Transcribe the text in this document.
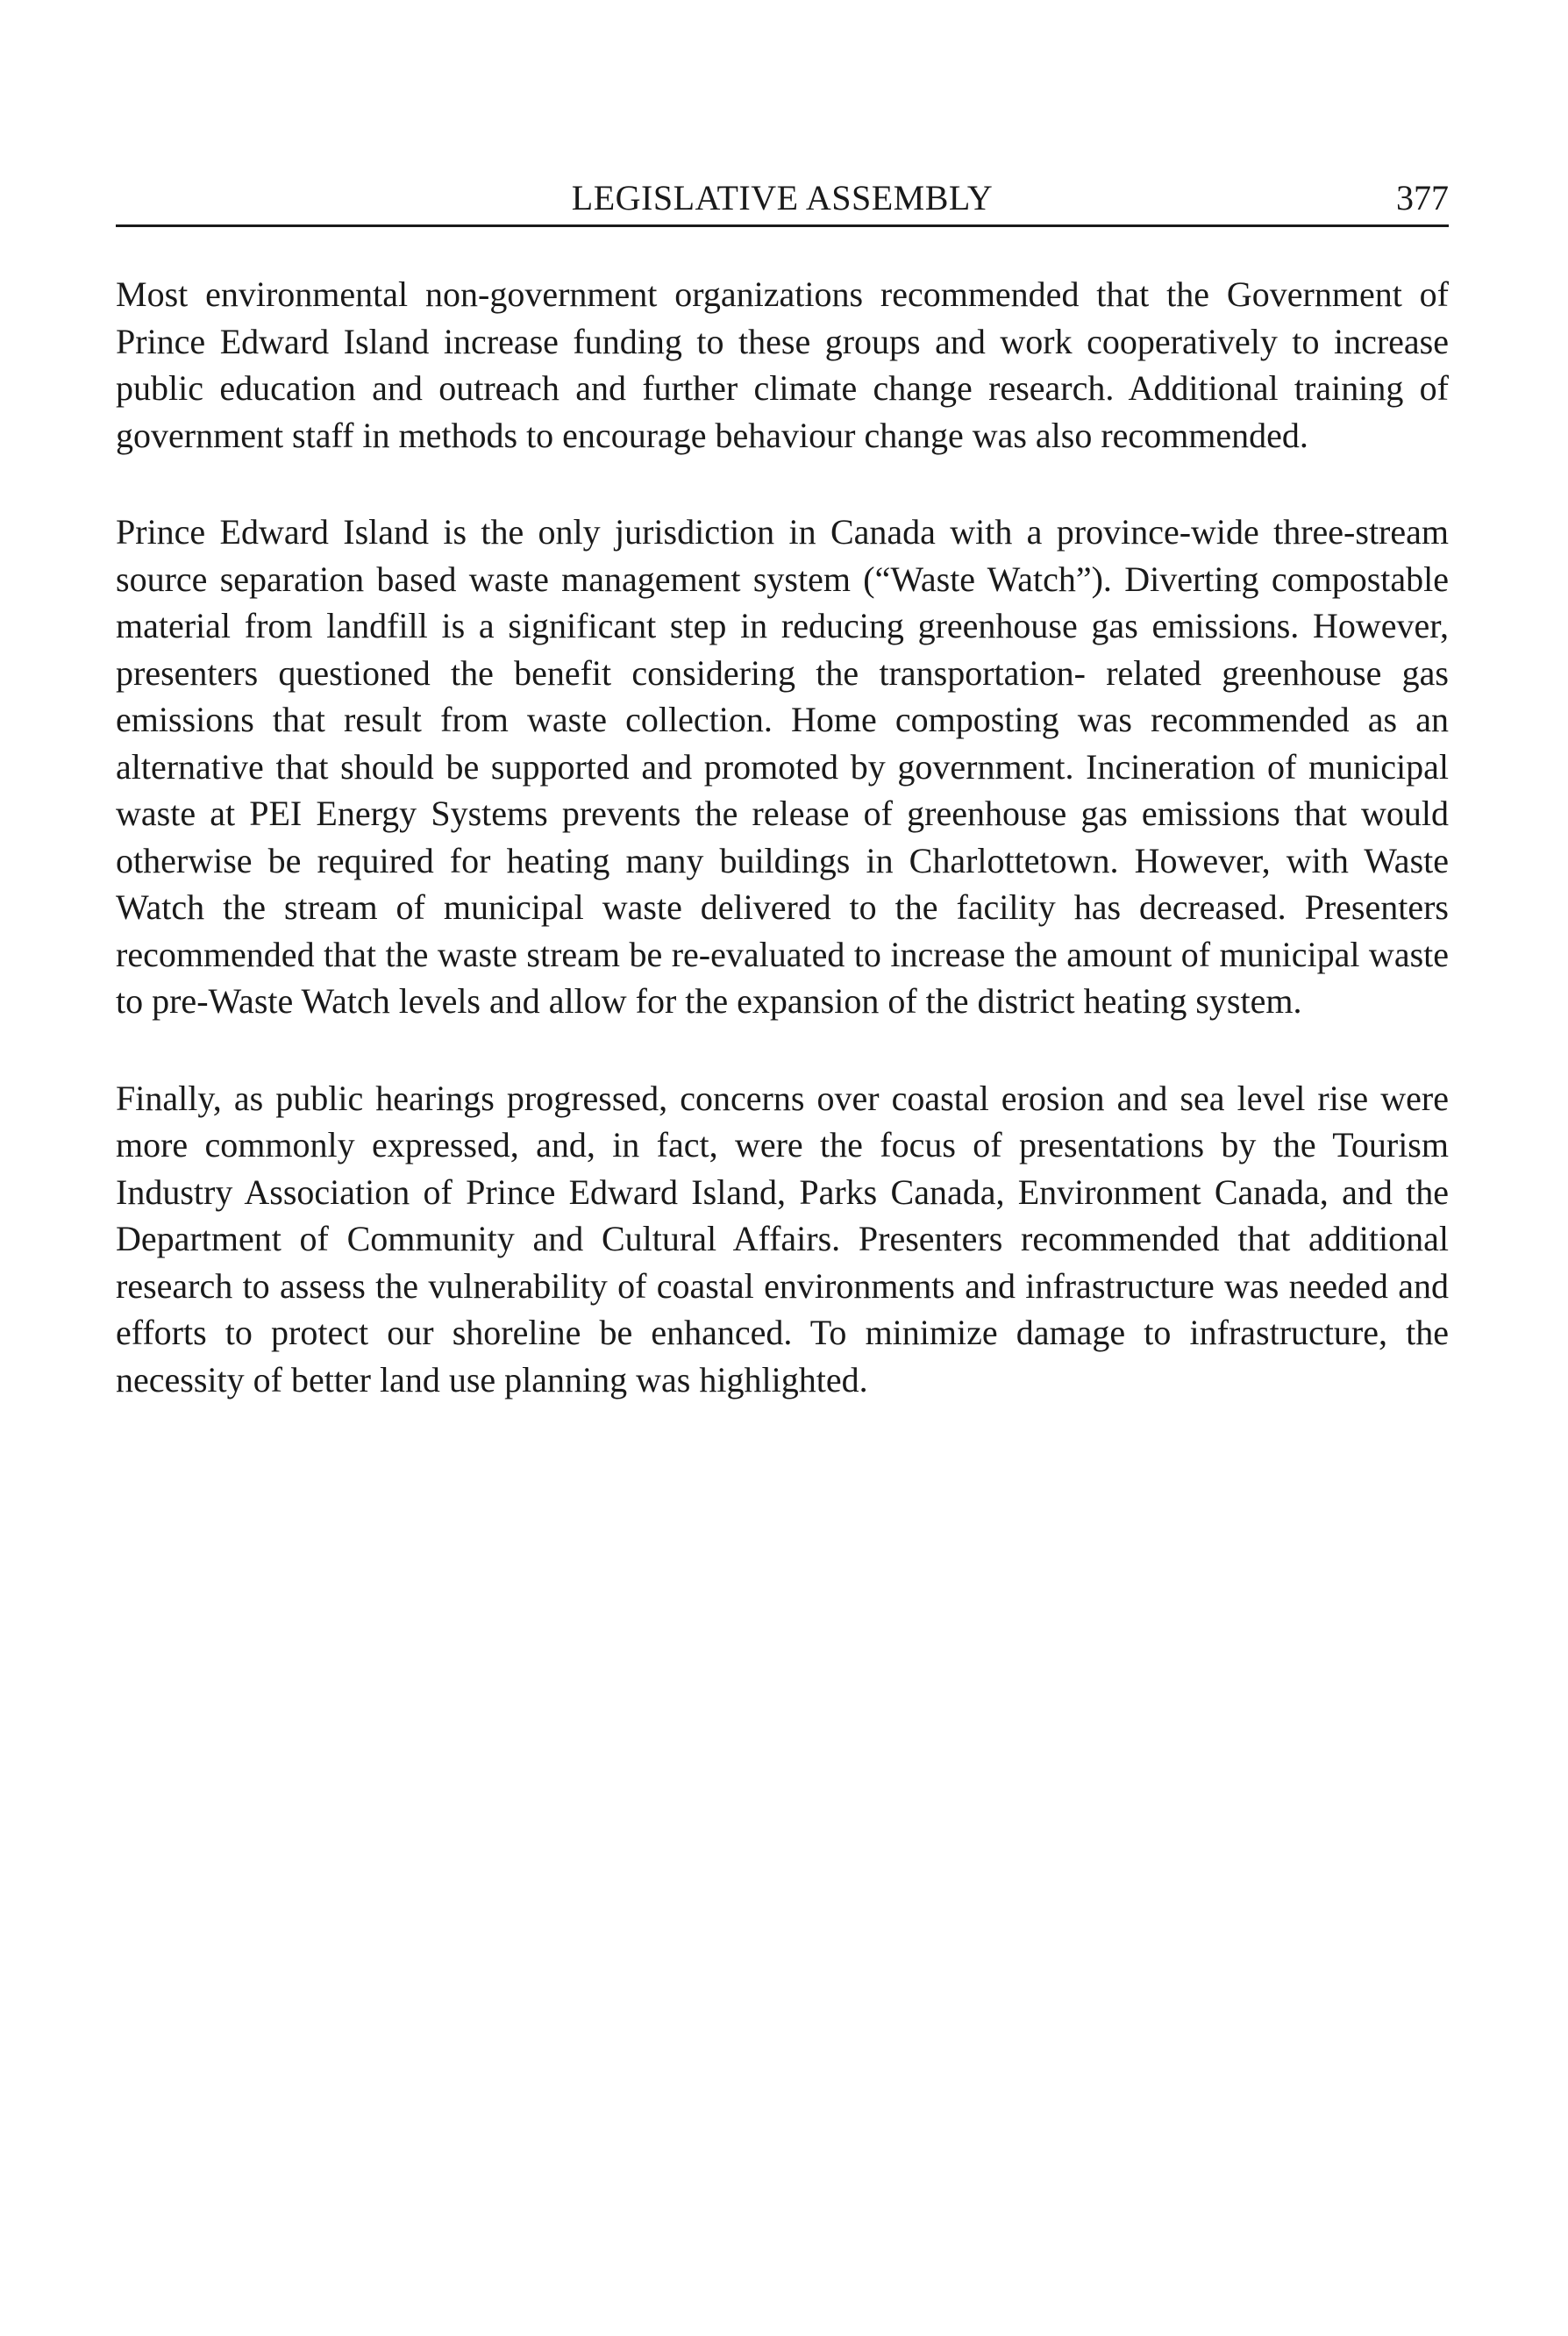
LEGISLATIVE ASSEMBLY	377

Most environmental non-government organizations recommended that the Government of Prince Edward Island increase funding to these groups and work cooperatively to increase public education and outreach and further climate change research. Additional training of government staff in methods to encourage behaviour change was also recommended.

Prince Edward Island is the only jurisdiction in Canada with a province-wide three-stream source separation based waste management system (“Waste Watch”). Diverting compostable material from landfill is a significant step in reducing greenhouse gas emissions. However, presenters questioned the benefit considering the transportation- related greenhouse gas emissions that result from waste collection. Home composting was recommended as an alternative that should be supported and promoted by government. Incineration of municipal waste at PEI Energy Systems prevents the release of greenhouse gas emissions that would otherwise be required for heating many buildings in Charlottetown. However, with Waste Watch the stream of municipal waste delivered to the facility has decreased. Presenters recommended that the waste stream be re-evaluated to increase the amount of municipal waste to pre-Waste Watch levels and allow for the expansion of the district heating system.

Finally, as public hearings progressed, concerns over coastal erosion and sea level rise were more commonly expressed, and, in fact, were the focus of presentations by the Tourism Industry Association of Prince Edward Island, Parks Canada, Environment Canada, and the Department of Community and Cultural Affairs. Presenters recommended that additional research to assess the vulnerability of coastal environments and infrastructure was needed and efforts to protect our shoreline be enhanced. To minimize damage to infrastructure, the necessity of better land use planning was highlighted.
